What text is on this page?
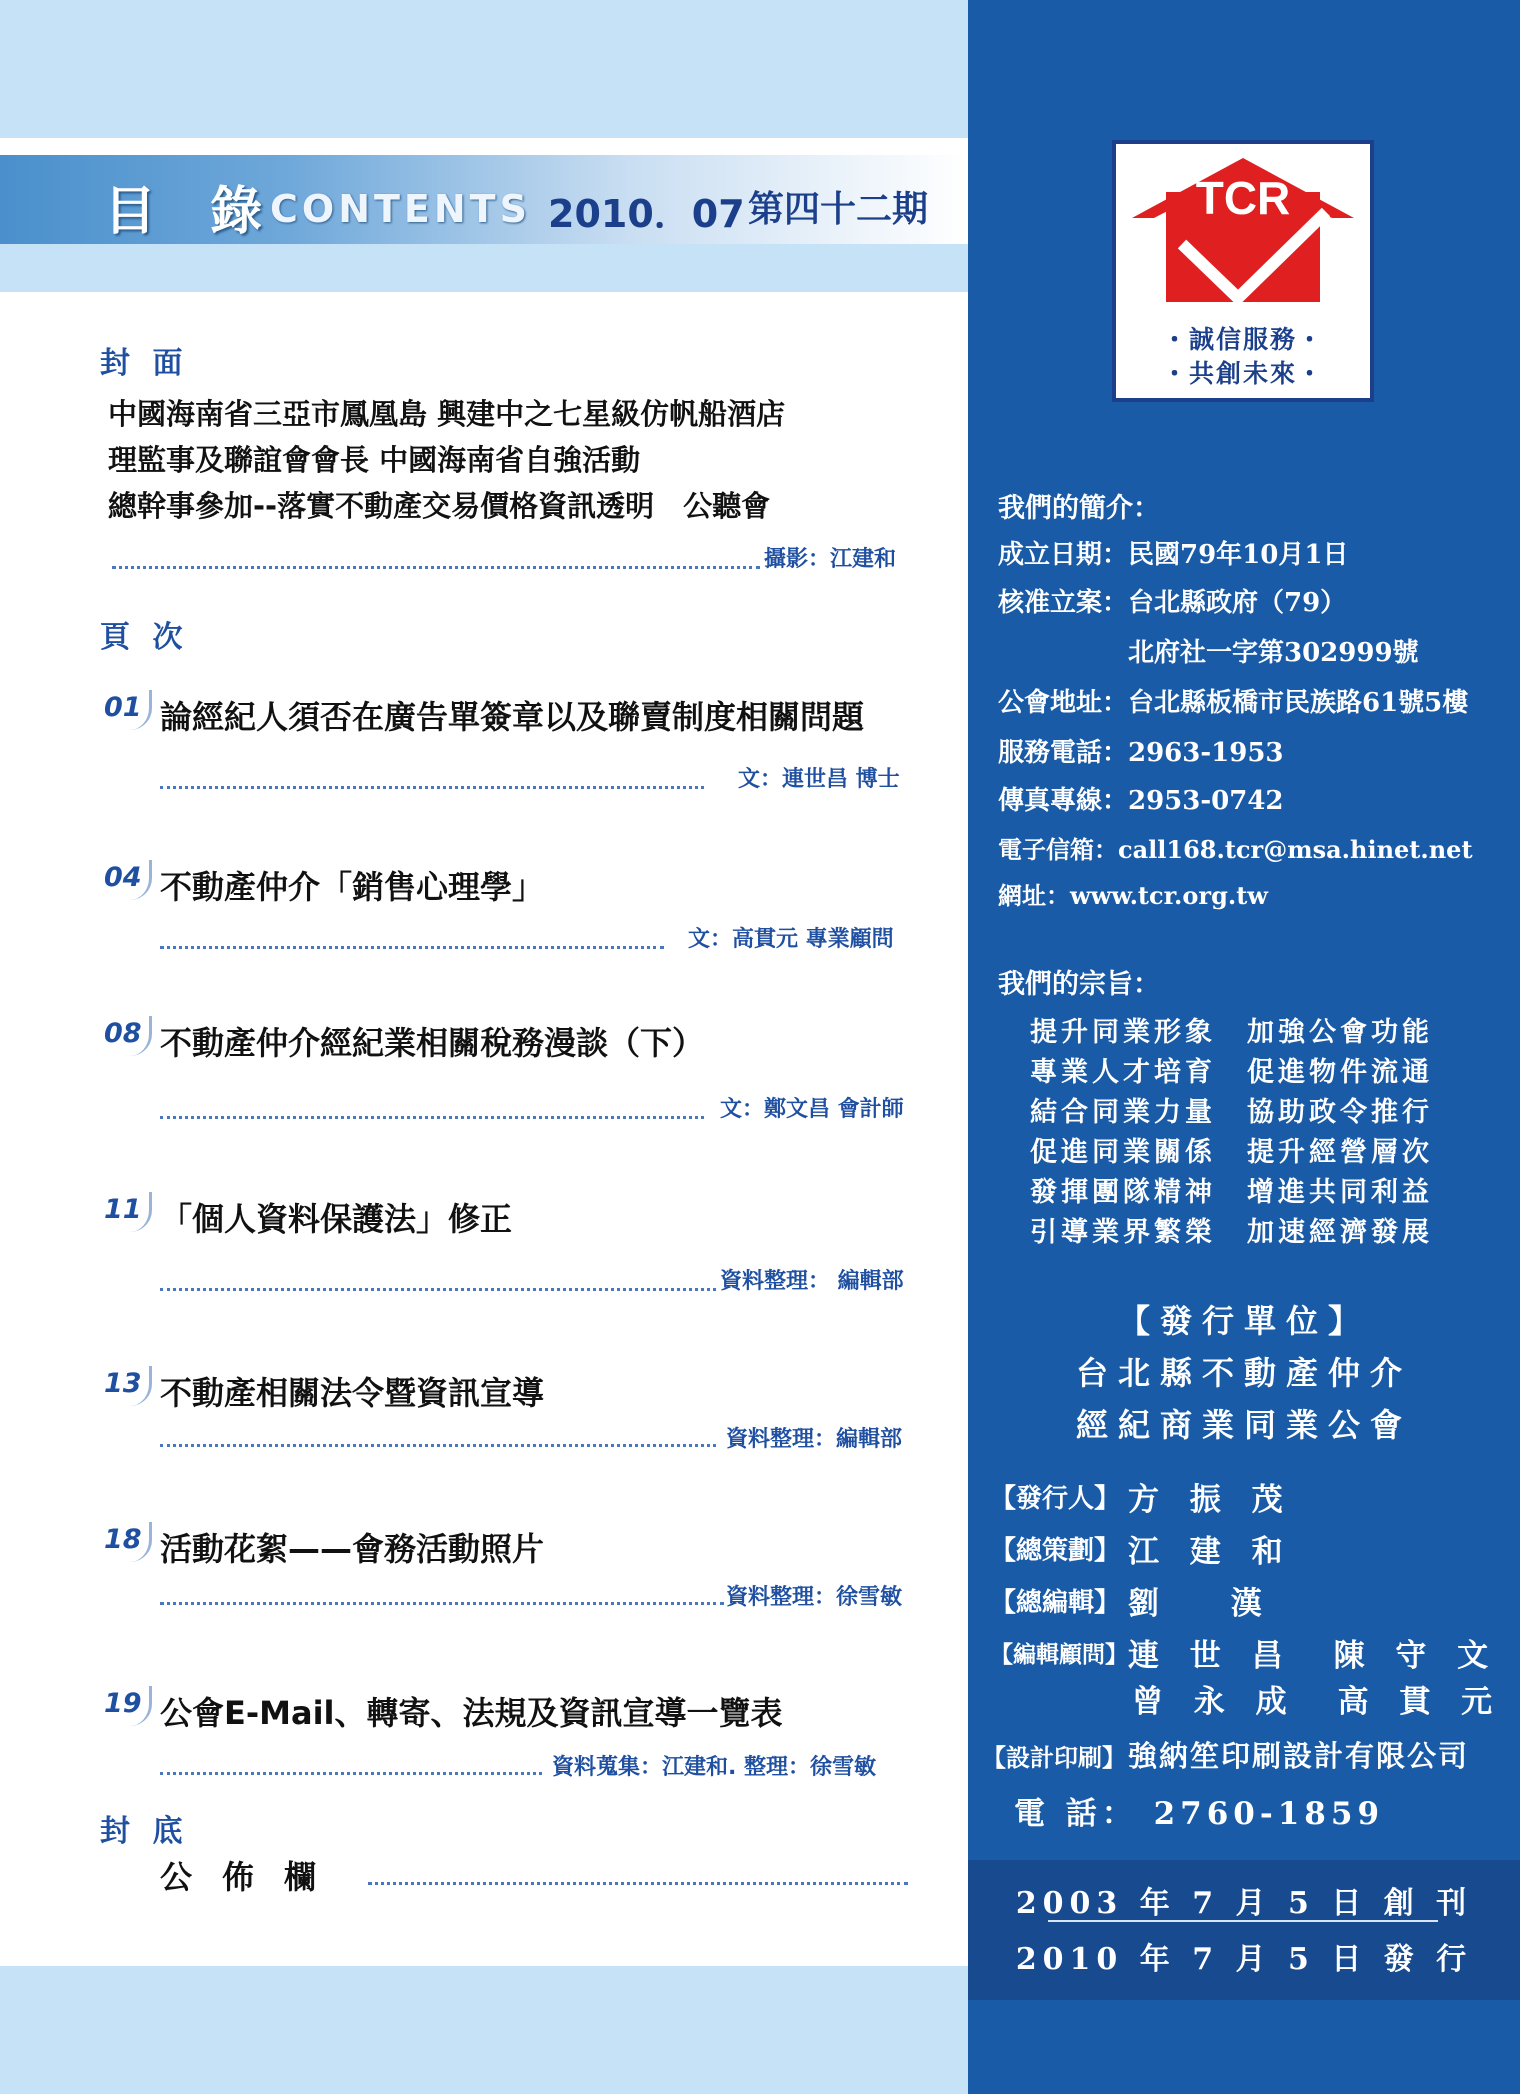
目 錄
CONTENTS 2010．07 第四十二期
封 面
中國海南省三亞市鳳凰島 興建中之七星級仿帆船酒店
理監事及聯誼會會長 中國海南省自強活動
總幹事參加--落實不動產交易價格資訊透明　公聽會
攝影：江建和
頁 次
01 論經紀人須否在廣告單簽章以及聯賣制度相關問題
文：連世昌 博士
04 不動產仲介「銷售心理學」
文：高貫元 專業顧問
08 不動產仲介經紀業相關稅務漫談（下）
文：鄭文昌 會計師
11 「個人資料保護法」修正
資料整理： 編輯部
13 不動產相關法令暨資訊宣導
資料整理：編輯部
18 活動花絮——會務活動照片
資料整理：徐雪敏
19 公會E-Mail、轉寄、法規及資訊宣導一覽表
資料蒐集：江建和. 整理：徐雪敏
封 底
公佈欄
TCR
・誠信服務・
・共創未來・
我們的簡介：
成立日期：民國79年10月1日
核准立案：台北縣政府（79）
　　　　　北府社一字第302999號
公會地址：台北縣板橋市民族路61號5樓
服務電話：2963-1953
傳真專線：2953-0742
電子信箱：call168.tcr@msa.hinet.net
網址：www.tcr.org.tw
我們的宗旨：
提升同業形象　加強公會功能
專業人才培育　促進物件流通
結合同業力量　協助政令推行
促進同業關係　提升經營層次
發揮團隊精神　增進共同利益
引導業界繁榮　加速經濟發展
【發行單位】
台北縣不動產仲介
經紀商業同業公會
【發行人】 方 振 茂
【總策劃】 江 建 和
【總編輯】 劉　 漢
【編輯顧問】 連 世 昌　陳 守 文
曾 永 成　高 貫 元
【設計印刷】 強納笙印刷設計有限公司
電 話： 2760-1859
2003 年 7 月 5 日 創 刊
2010 年 7 月 5 日 發 行
